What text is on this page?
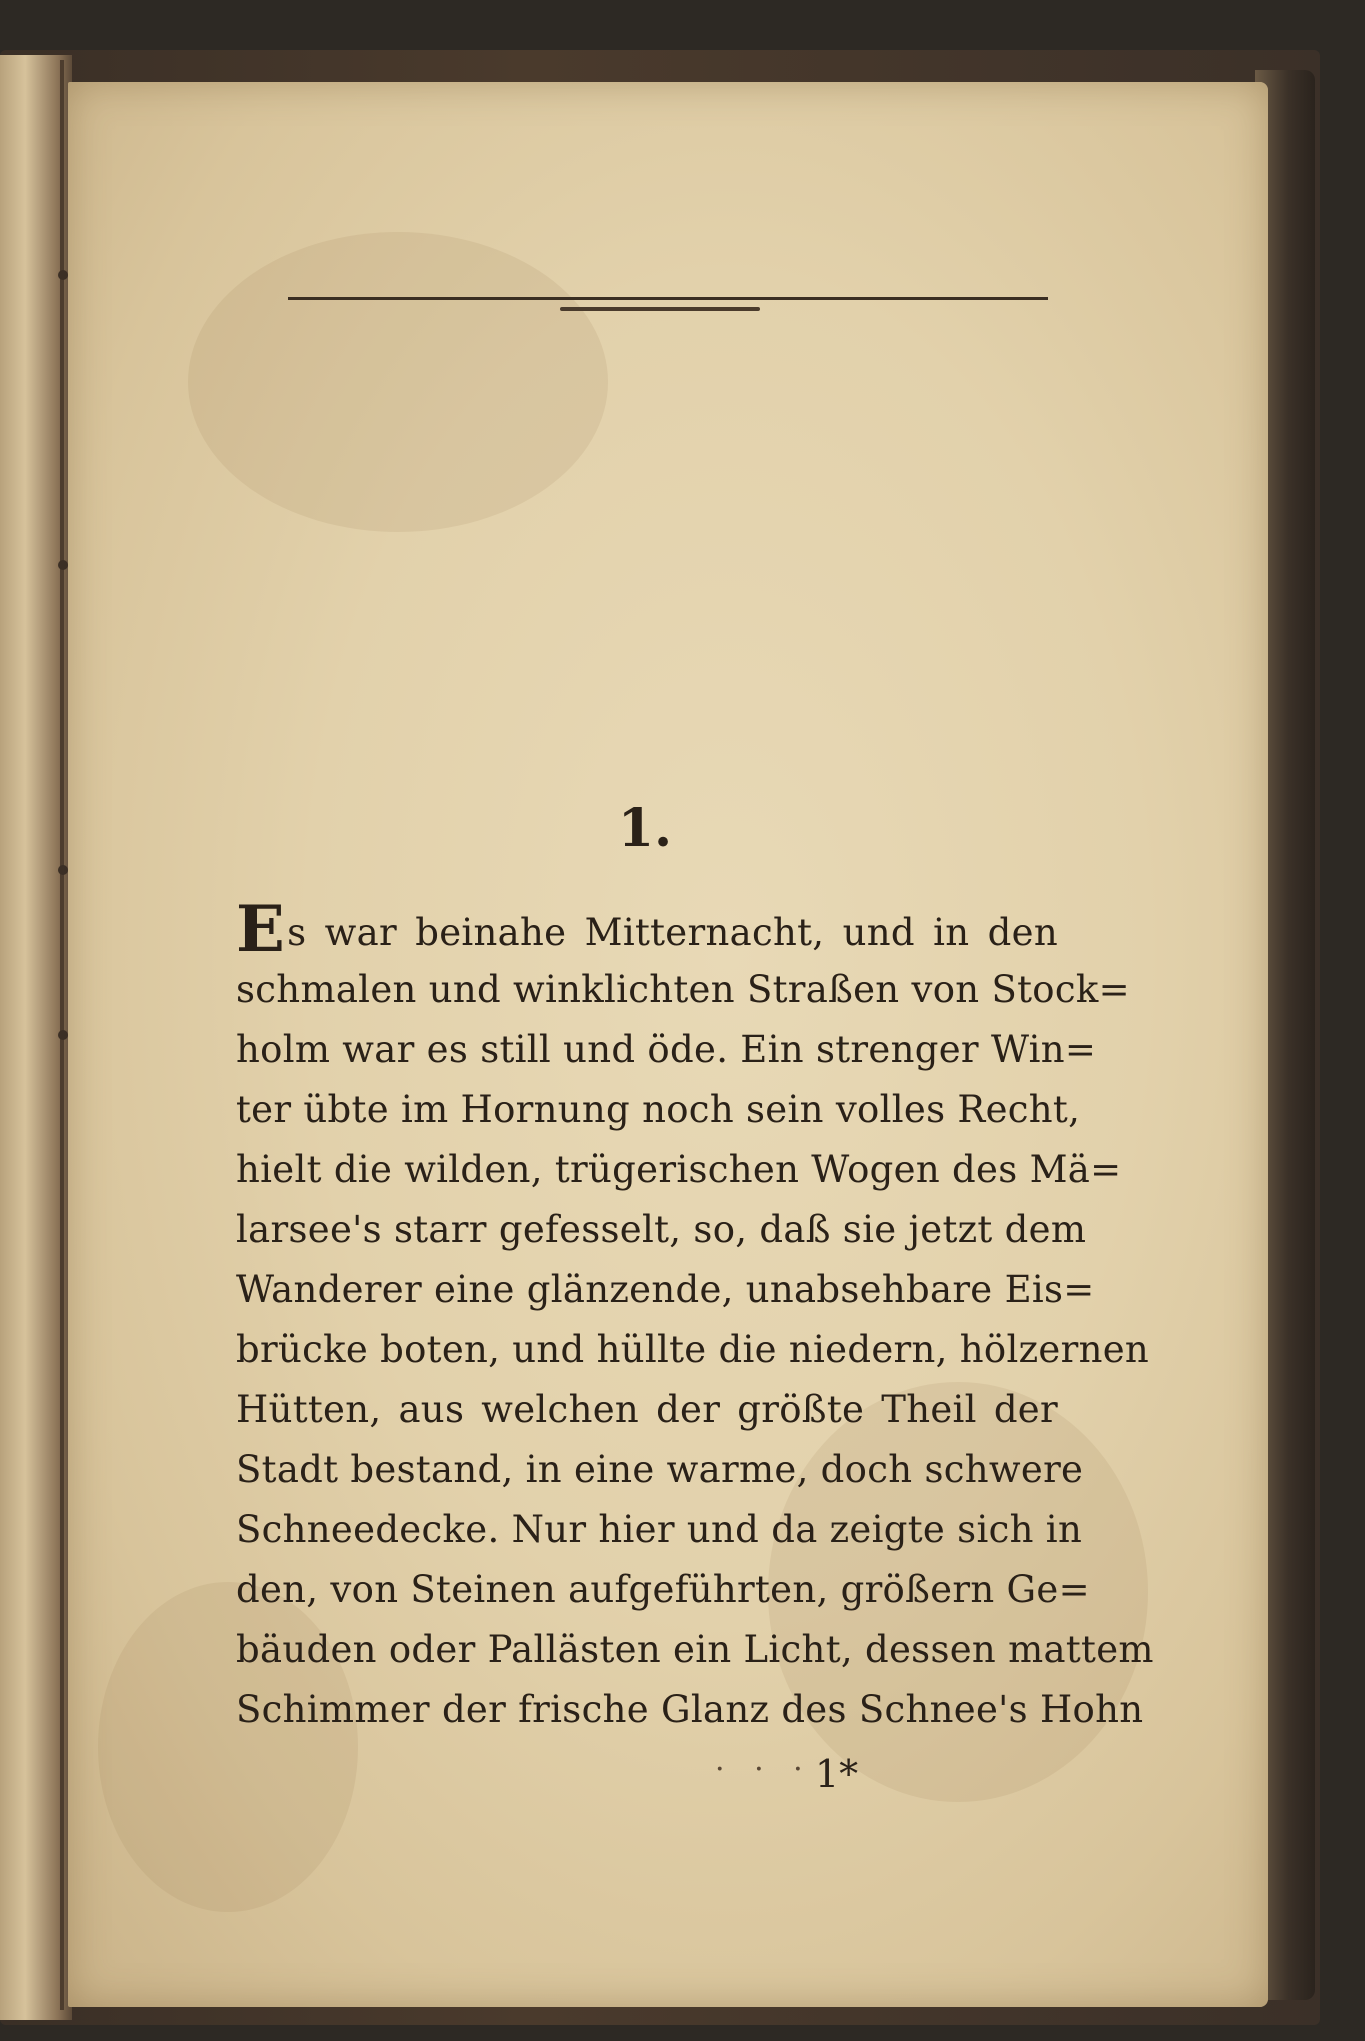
1.
Es war beinahe Mitternacht, und in den
schmalen und winklichten Straßen von Stock=
holm war es still und öde. Ein strenger Win=
ter übte im Hornung noch sein volles Recht,
hielt die wilden, trügerischen Wogen des Mä=
larsee's starr gefesselt, so, daß sie jetzt dem
Wanderer eine glänzende, unabsehbare Eis=
brücke boten, und hüllte die niedern, hölzernen
Hütten, aus welchen der größte Theil der
Stadt bestand, in eine warme, doch schwere
Schneedecke. Nur hier und da zeigte sich in
den, von Steinen aufgeführten, größern Ge=
bäuden oder Pallästen ein Licht, dessen mattem
Schimmer der frische Glanz des Schnee's Hohn
· · · 1*
